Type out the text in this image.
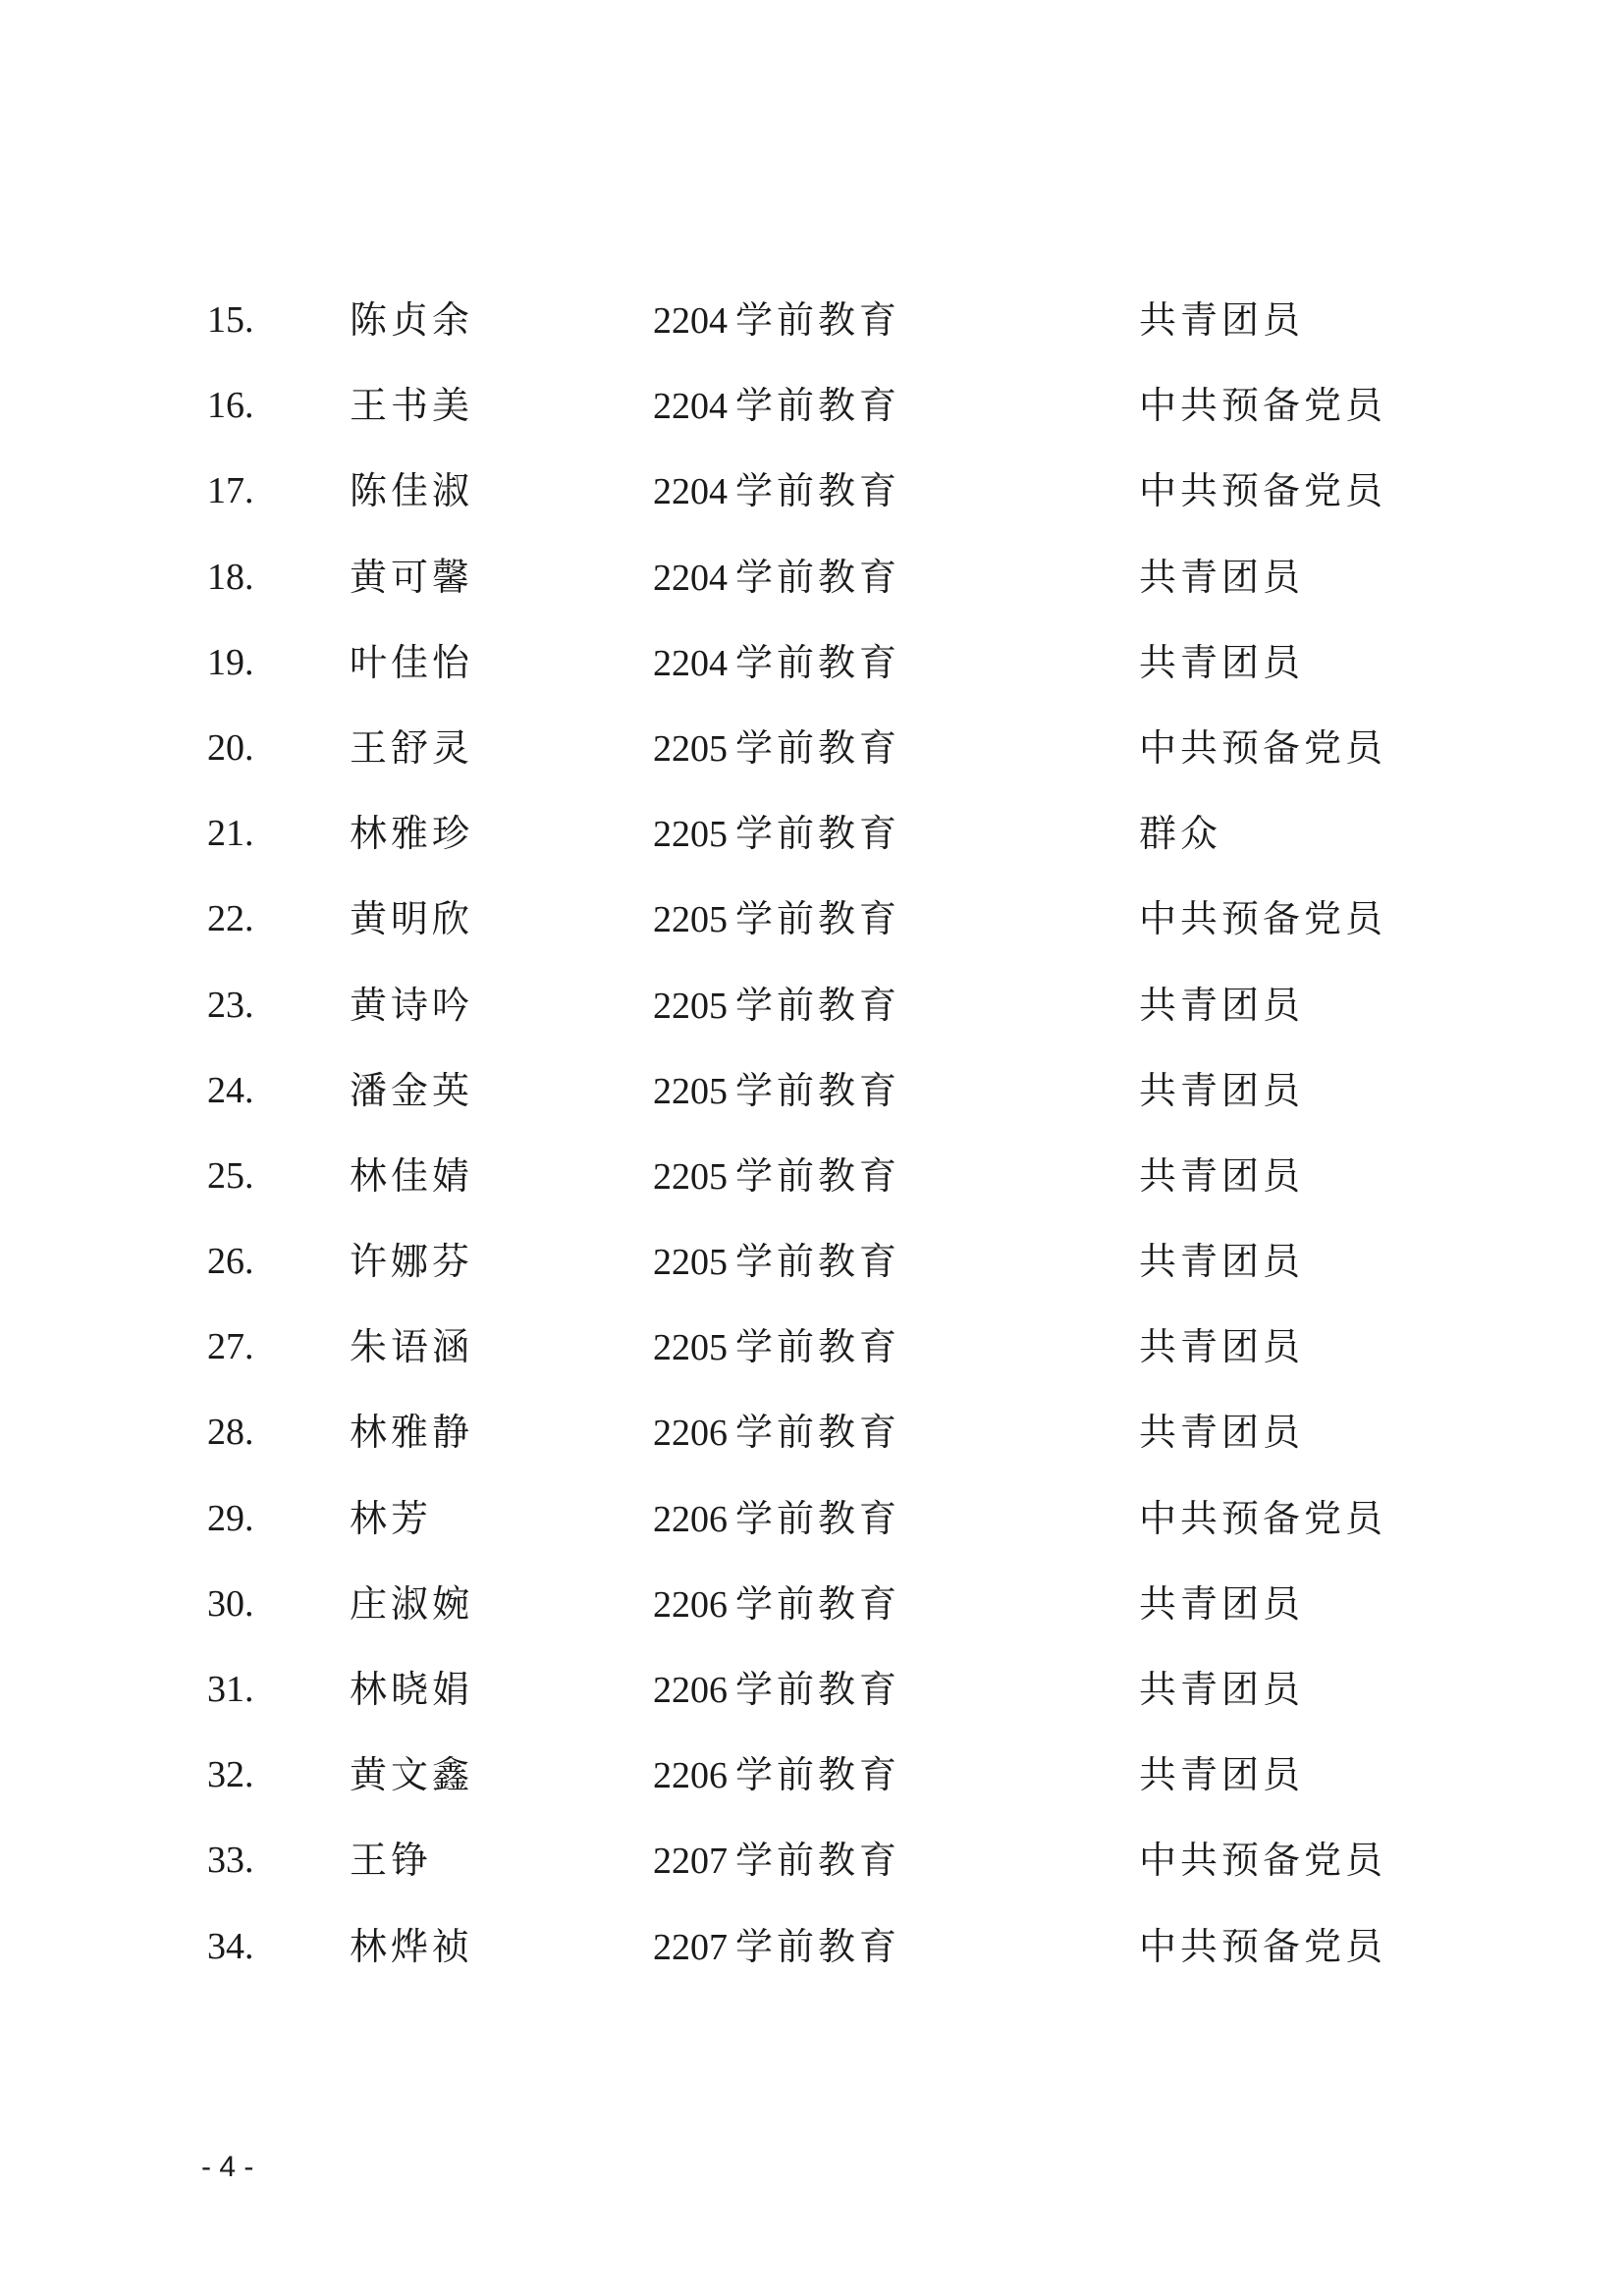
15.	陈贞余	2204 学前教育	共青团员
16.	王书美	2204 学前教育	中共预备党员
17.	陈佳淑	2204 学前教育	中共预备党员
18.	黄可馨	2204 学前教育	共青团员
19.	叶佳怡	2204 学前教育	共青团员
20.	王舒灵	2205 学前教育	中共预备党员
21.	林雅珍	2205 学前教育	群众
22.	黄明欣	2205 学前教育	中共预备党员
23.	黄诗吟	2205 学前教育	共青团员
24.	潘金英	2205 学前教育	共青团员
25.	林佳婧	2205 学前教育	共青团员
26.	许娜芬	2205 学前教育	共青团员
27.	朱语涵	2205 学前教育	共青团员
28.	林雅静	2206 学前教育	共青团员
29.	林芳	2206 学前教育	中共预备党员
30.	庄淑婉	2206 学前教育	共青团员
31.	林晓娟	2206 学前教育	共青团员
32.	黄文鑫	2206 学前教育	共青团员
33.	王铮	2207 学前教育	中共预备党员
34.	林烨祯	2207 学前教育	中共预备党员
- 4 -
